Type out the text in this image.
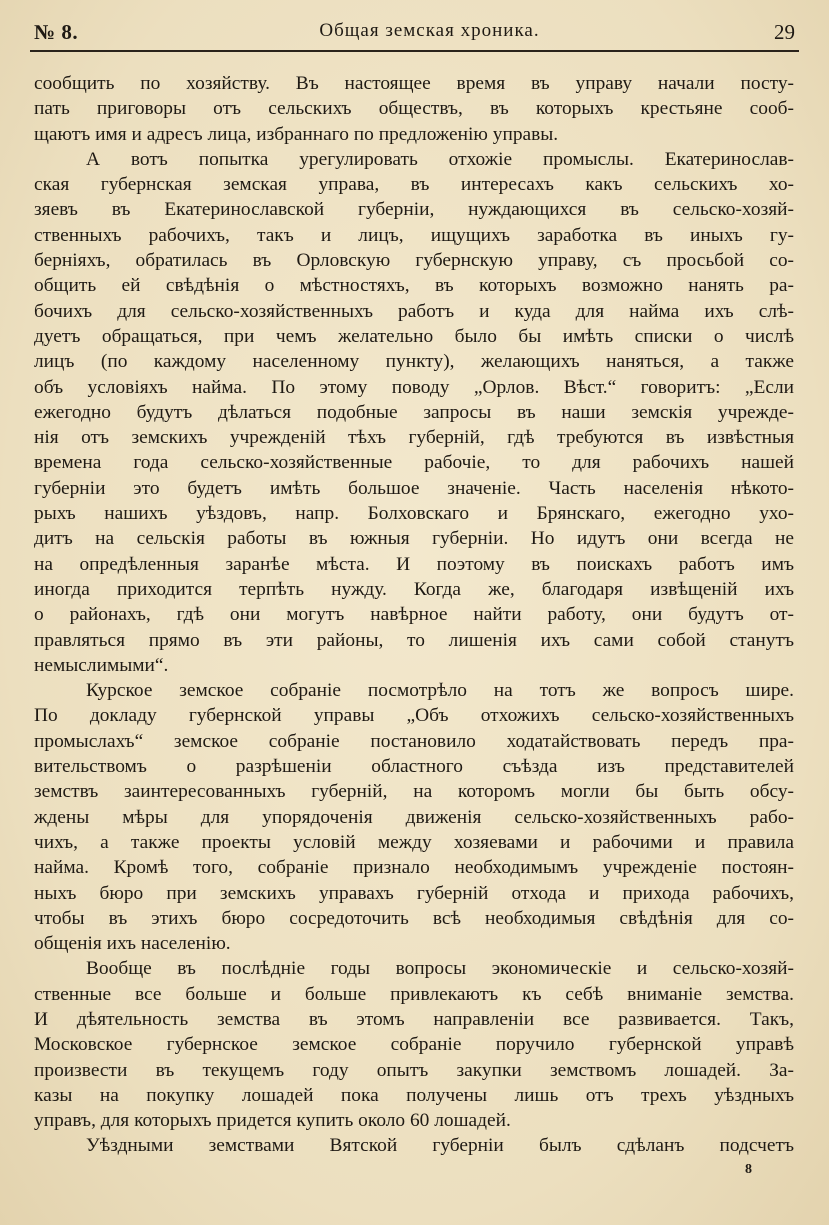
№ 8.	Общая земская хроника.	29
сообщить по хозяйству. Въ настоящее время въ управу начали посту-
пать приговоры отъ сельскихъ обществъ, въ которыхъ крестьяне сооб-
щаютъ имя и адресъ лица, избраннаго по предложенію управы.
А вотъ попытка урегулировать отхожіе промыслы. Екатеринослав-
ская губернская земская управа, въ интересахъ какъ сельскихъ хо-
зяевъ въ Екатеринославской губерніи, нуждающихся въ сельско-хозяй-
ственныхъ рабочихъ, такъ и лицъ, ищущихъ заработка въ иныхъ гу-
берніяхъ, обратилась въ Орловскую губернскую управу, съ просьбой со-
общить ей свѣдѣнія о мѣстностяхъ, въ которыхъ возможно нанять ра-
бочихъ для сельско-хозяйственныхъ работъ и куда для найма ихъ слѣ-
дуетъ обращаться, при чемъ желательно было бы имѣть списки о числѣ
лицъ (по каждому населенному пункту), желающихъ наняться, а также
объ условіяхъ найма. По этому поводу „Орлов. Вѣст.“ говоритъ: „Если
ежегодно будутъ дѣлаться подобные запросы въ наши земскія учрежде-
нія отъ земскихъ учрежденій тѣхъ губерній, гдѣ требуются въ извѣстныя
времена года сельско-хозяйственные рабочіе, то для рабочихъ нашей
губерніи это будетъ имѣть большое значеніе. Часть населенія нѣкото-
рыхъ нашихъ уѣздовъ, напр. Болховскаго и Брянскаго, ежегодно ухо-
дитъ на сельскія работы въ южныя губерніи. Но идутъ они всегда не
на опредѣленныя заранѣе мѣста. И поэтому въ поискахъ работъ имъ
иногда приходится терпѣть нужду. Когда же, благодаря извѣщеній ихъ
о районахъ, гдѣ они могутъ навѣрное найти работу, они будутъ от-
правляться прямо въ эти районы, то лишенія ихъ сами собой станутъ
немыслимыми“.
Курское земское собраніе посмотрѣло на тотъ же вопросъ шире.
По докладу губернской управы „Объ отхожихъ сельско-хозяйственныхъ
промыслахъ“ земское собраніе постановило ходатайствовать передъ пра-
вительствомъ о разрѣшеніи областного съѣзда изъ представителей
земствъ заинтересованныхъ губерній, на которомъ могли бы быть обсу-
ждены мѣры для упорядоченія движенія сельско-хозяйственныхъ рабо-
чихъ, а также проекты условій между хозяевами и рабочими и правила
найма. Кромѣ того, собраніе признало необходимымъ учрежденіе постоян-
ныхъ бюро при земскихъ управахъ губерній отхода и прихода рабочихъ,
чтобы въ этихъ бюро сосредоточить всѣ необходимыя свѣдѣнія для со-
общенія ихъ населенію.
Вообще въ послѣдніе годы вопросы экономическіе и сельско-хозяй-
ственные все больше и больше привлекаютъ къ себѣ вниманіе земства.
И дѣятельность земства въ этомъ направленіи все развивается. Такъ,
Московское губернское земское собраніе поручило губернской управѣ
произвести въ текущемъ году опытъ закупки земствомъ лошадей. За-
казы на покупку лошадей пока получены лишь отъ трехъ уѣздныхъ
управъ, для которыхъ придется купить около 60 лошадей.
Уѣздными земствами Вятской губерніи былъ сдѣланъ подсчетъ
8
